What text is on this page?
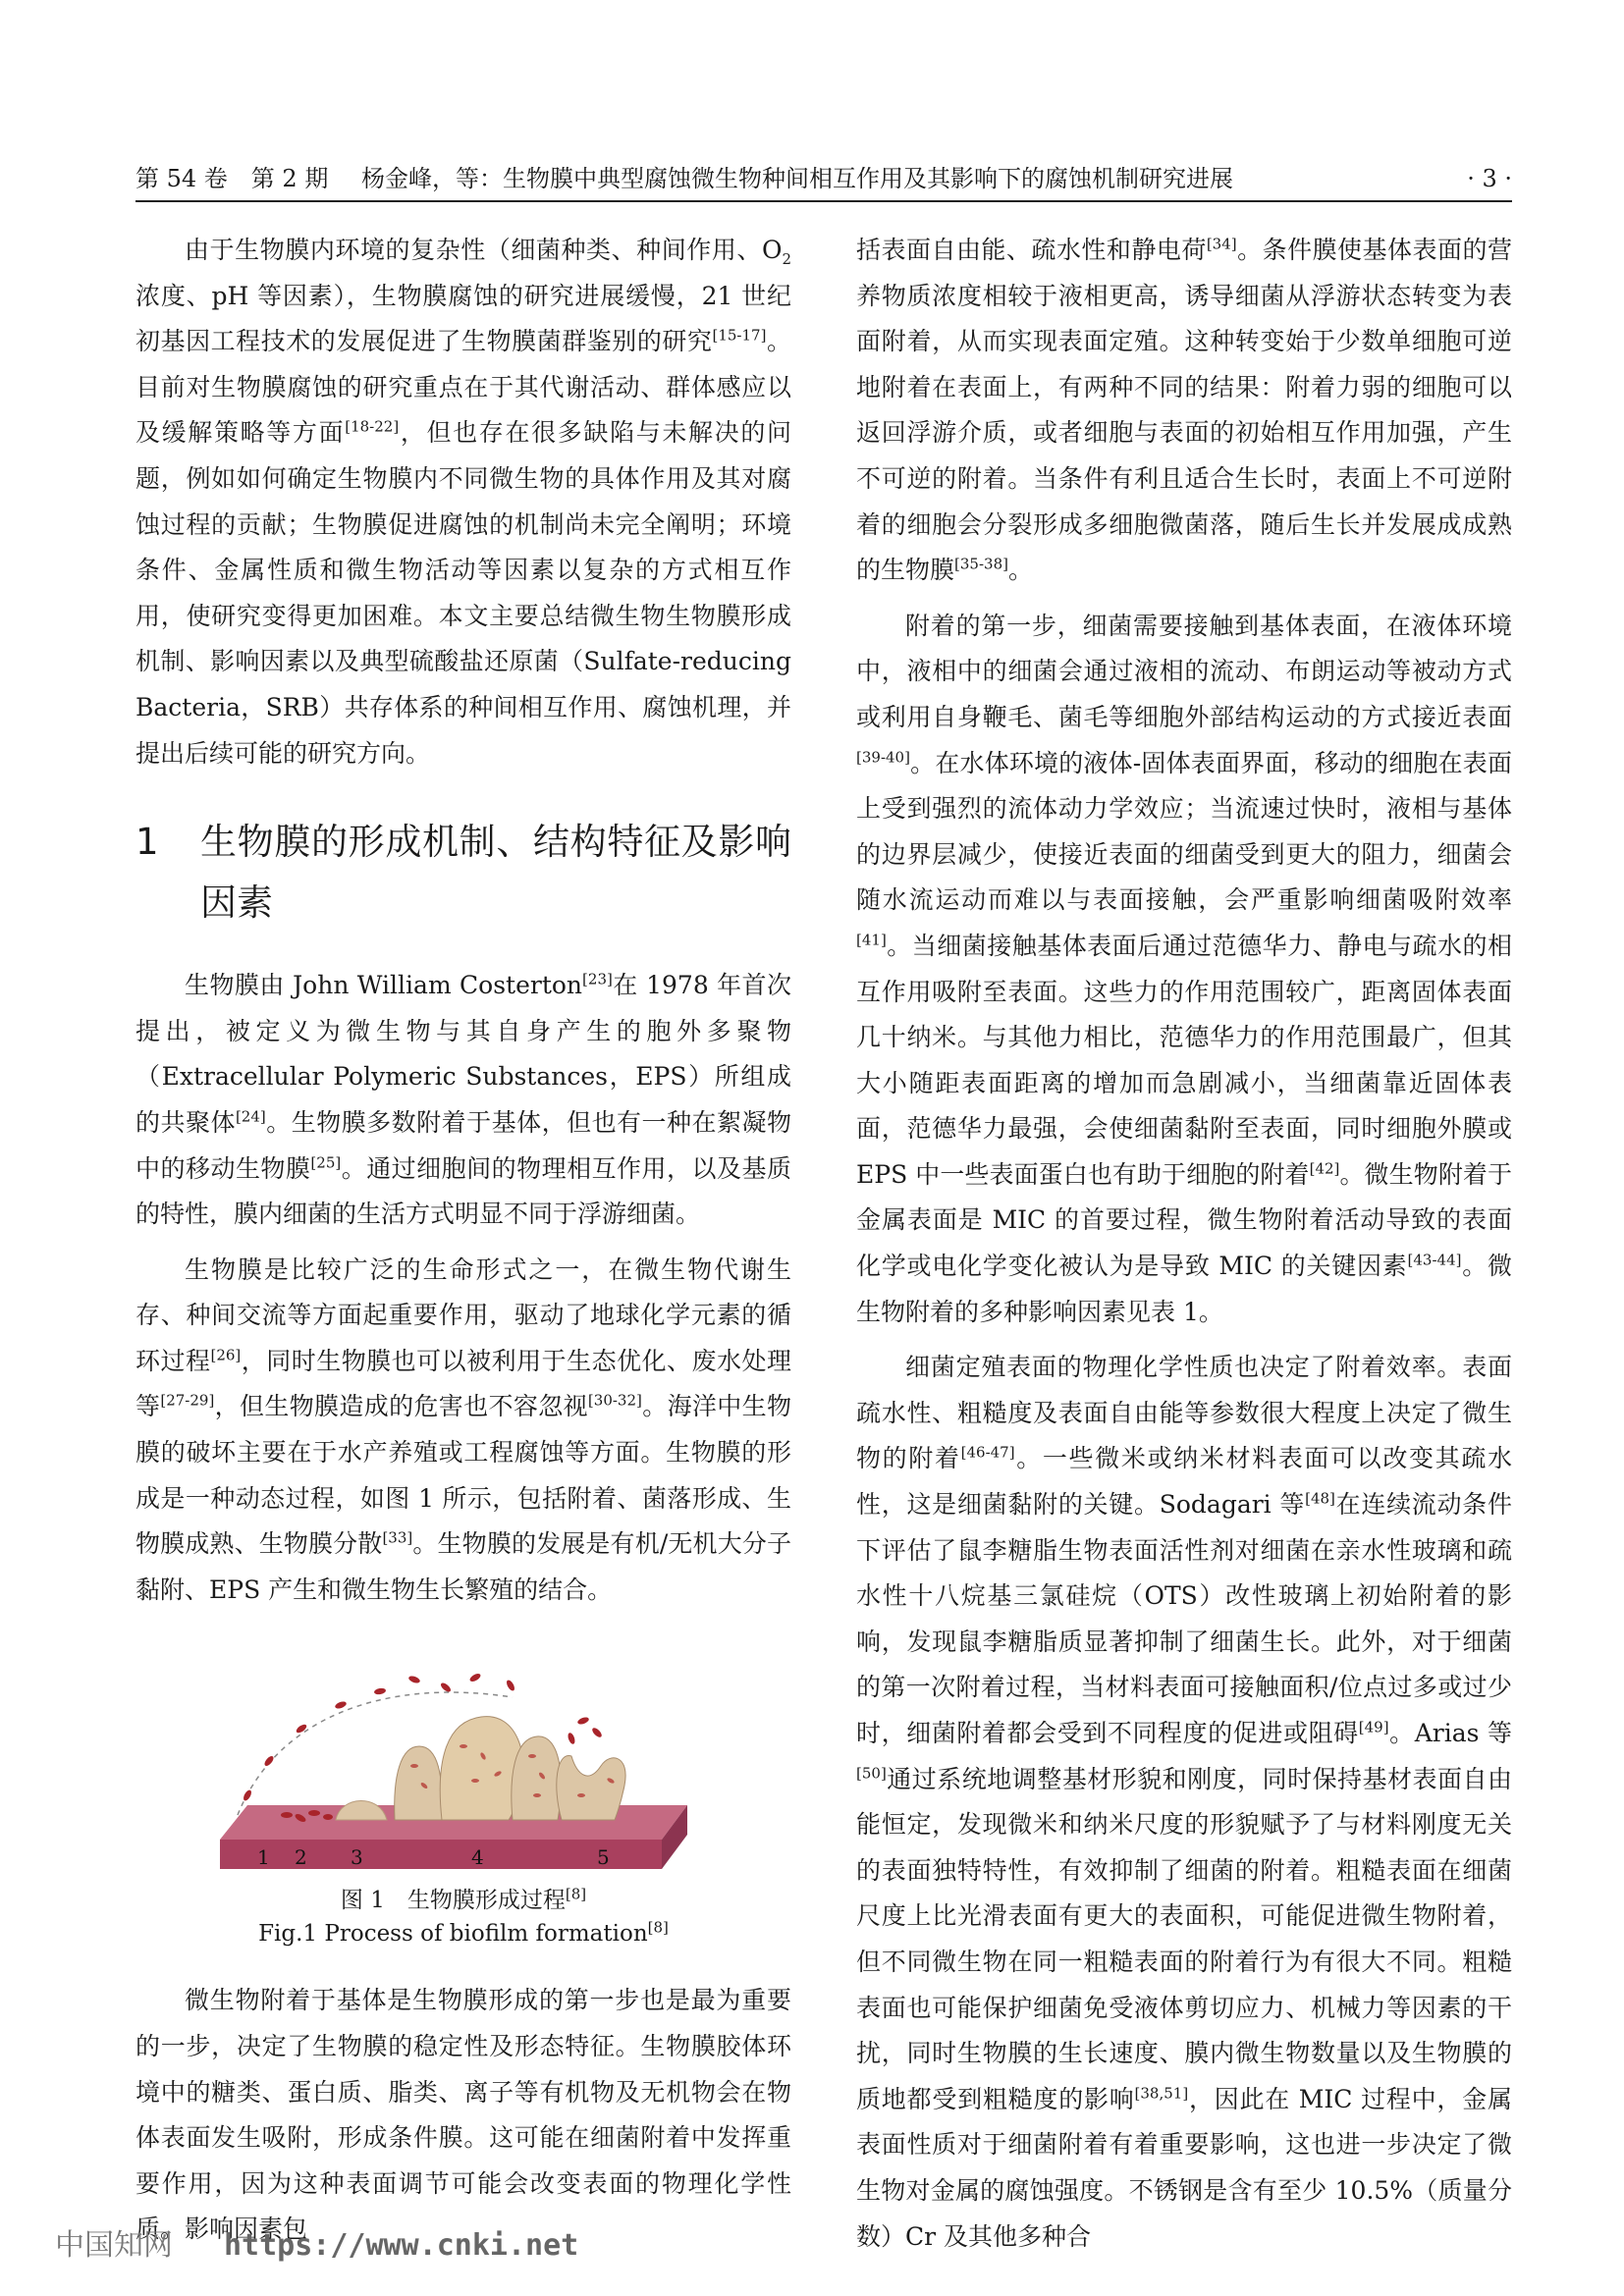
第 54 卷　第 2 期 杨金峰，等：生物膜中典型腐蚀微生物种间相互作用及其影响下的腐蚀机制研究进展	· 3 ·

由于生物膜内环境的复杂性（细菌种类、种间作用、$O_2$浓度、pH 等因素），生物膜腐蚀的研究进展缓慢，21 世纪初基因工程技术的发展促进了生物膜菌群鉴别的研究[15-17]。目前对生物膜腐蚀的研究重点在于其代谢活动、群体感应以及缓解策略等方面[18-22]，但也存在很多缺陷与未解决的问题，例如如何确定生物膜内不同微生物的具体作用及其对腐蚀过程的贡献；生物膜促进腐蚀的机制尚未完全阐明；环境条件、金属性质和微生物活动等因素以复杂的方式相互作用，使研究变得更加困难。本文主要总结微生物生物膜形成机制、影响因素以及典型硫酸盐还原菌（Sulfate-reducing Bacteria，SRB）共存体系的种间相互作用、腐蚀机理，并提出后续可能的研究方向。

1	生物膜的形成机制、结构特征及影响因素

生物膜由 John William Costerton[23]在 1978 年首次提出，被定义为微生物与其自身产生的胞外多聚物（Extracellular Polymeric Substances，EPS）所组成的共聚体[24]。生物膜多数附着于基体，但也有一种在絮凝物中的移动生物膜[25]。通过细胞间的物理相互作用，以及基质的特性，膜内细菌的生活方式明显不同于浮游细菌。

生物膜是比较广泛的生命形式之一，在微生物代谢生存、种间交流等方面起重要作用，驱动了地球化学元素的循环过程[26]，同时生物膜也可以被利用于生态优化、废水处理等[27-29]，但生物膜造成的危害也不容忽视[30-32]。海洋中生物膜的破坏主要在于水产养殖或工程腐蚀等方面。生物膜的形成是一种动态过程，如图 1 所示，包括附着、菌落形成、生物膜成熟、生物膜分散[33]。生物膜的发展是有机/无机大分子黏附、EPS 产生和微生物生长繁殖的结合。

1 2 3	4	5
图 1　生物膜形成过程[8]
Fig.1 Process of biofilm formation[8]

微生物附着于基体是生物膜形成的第一步也是最为重要的一步，决定了生物膜的稳定性及形态特征。生物膜胶体环境中的糖类、蛋白质、脂类、离子等有机物及无机物会在物体表面发生吸附，形成条件膜。这可能在细菌附着中发挥重要作用，因为这种表面调节可能会改变表面的物理化学性质。影响因素包

括表面自由能、疏水性和静电荷[34]。条件膜使基体表面的营养物质浓度相较于液相更高，诱导细菌从浮游状态转变为表面附着，从而实现表面定殖。这种转变始于少数单细胞可逆地附着在表面上，有两种不同的结果：附着力弱的细胞可以返回浮游介质，或者细胞与表面的初始相互作用加强，产生不可逆的附着。当条件有利且适合生长时，表面上不可逆附着的细胞会分裂形成多细胞微菌落，随后生长并发展成成熟的生物膜[35-38]。

附着的第一步，细菌需要接触到基体表面，在液体环境中，液相中的细菌会通过液相的流动、布朗运动等被动方式或利用自身鞭毛、菌毛等细胞外部结构运动的方式接近表面[39-40]。在水体环境的液体-固体表面界面，移动的细胞在表面上受到强烈的流体动力学效应；当流速过快时，液相与基体的边界层减少，使接近表面的细菌受到更大的阻力，细菌会随水流运动而难以与表面接触，会严重影响细菌吸附效率[41]。当细菌接触基体表面后通过范德华力、静电与疏水的相互作用吸附至表面。这些力的作用范围较广，距离固体表面几十纳米。与其他力相比，范德华力的作用范围最广，但其大小随距表面距离的增加而急剧减小，当细菌靠近固体表面，范德华力最强，会使细菌黏附至表面，同时细胞外膜或 EPS 中一些表面蛋白也有助于细胞的附着[42]。微生物附着于金属表面是 MIC 的首要过程，微生物附着活动导致的表面化学或电化学变化被认为是导致 MIC 的关键因素[43-44]。微生物附着的多种影响因素见表 1。

细菌定殖表面的物理化学性质也决定了附着效率。表面疏水性、粗糙度及表面自由能等参数很大程度上决定了微生物的附着[46-47]。一些微米或纳米材料表面可以改变其疏水性，这是细菌黏附的关键。Sodagari 等[48]在连续流动条件下评估了鼠李糖脂生物表面活性剂对细菌在亲水性玻璃和疏水性十八烷基三氯硅烷（OTS）改性玻璃上初始附着的影响，发现鼠李糖脂质显著抑制了细菌生长。此外，对于细菌的第一次附着过程，当材料表面可接触面积/位点过多或过少时，细菌附着都会受到不同程度的促进或阻碍[49]。Arias 等[50]通过系统地调整基材形貌和刚度，同时保持基材表面自由能恒定，发现微米和纳米尺度的形貌赋予了与材料刚度无关的表面独特特性，有效抑制了细菌的附着。粗糙表面在细菌尺度上比光滑表面有更大的表面积，可能促进微生物附着，但不同微生物在同一粗糙表面的附着行为有很大不同。粗糙表面也可能保护细菌免受液体剪切应力、机械力等因素的干扰，同时生物膜的生长速度、膜内微生物数量以及生物膜的质地都受到粗糙度的影响[38,51]，因此在 MIC 过程中，金属表面性质对于细菌附着有着重要影响，这也进一步决定了微生物对金属的腐蚀强度。不锈钢是含有至少 10.5%（质量分数）Cr 及其他多种合

中国知网 https://www.cnki.net
